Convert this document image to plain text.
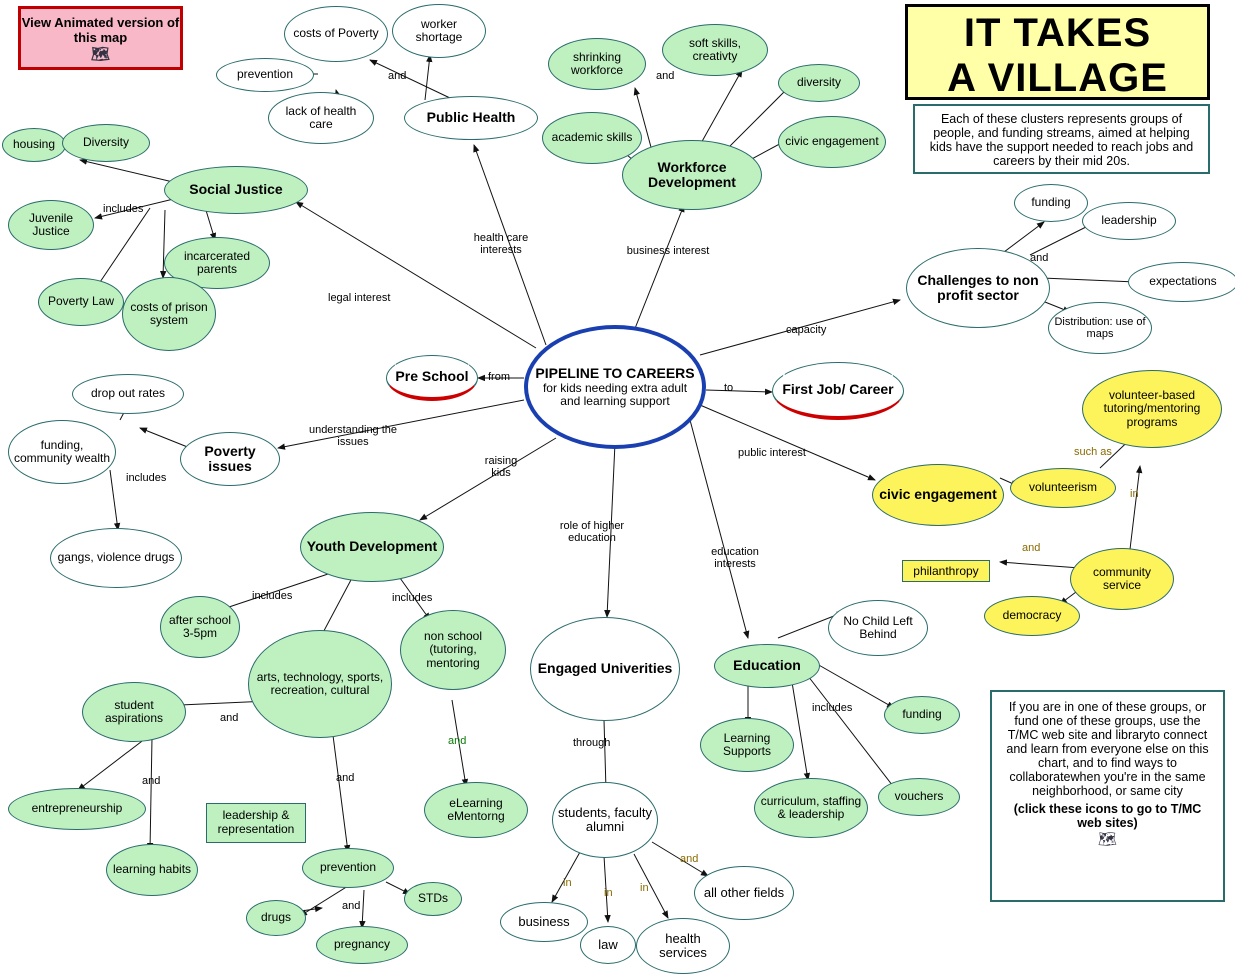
View Animated version of this map
🗺	IT TAKES
A VILLAGE
Each of these clusters represents groups of people, and funding streams, aimed at helping kids have the support needed to reach jobs and careers by their mid 20s.
If you are in one of these groups, or fund one of these groups, use the T/MC web site and libraryto connect and learn from everyone else on this chart, and to find ways to collaboratewhen you're in the same neighborhood, or same city
(click these icons to go to T/MC web sites)
🗺
PIPELINE TO CAREERS
for kids needing extra adult and learning support
Pre School
First Job/ Career
Public Health
costs of Poverty
worker shortage
prevention
lack of health care
Social Justice
housing	Diversity
Juvenile Justice
incarcerated parents
Poverty Law	costs of prison system
Workforce Development
shrinking workforce
soft skills, creativty
academic skills
diversity
civic engagement
Challenges to non profit sector
funding
leadership
expectations
Distribution: use of maps
Poverty issues
drop out rates
funding, community wealth
gangs, violence drugs
Youth Development
after school 3-5pm
arts, technology, sports, recreation, cultural
non school (tutoring, mentoring
student aspirations
entrepreneurship
learning habits
leadership & representation
prevention
drugs
pregnancy
STDs
eLearning eMentorng
Engaged Univerities
students, faculty alumni
business
law	health services
all other fields
Education
No Child Left Behind
Learning Supports
curriculum, staffing & leadership
funding
vouchers
civic engagement	volunteerism
volunteer-based tutoring/mentoring programs
community service
democracy
philanthropy
from
to
health care interests	business interest
legal interest
capacity
public interest
education interests
role of higher education
raising kids
understanding the issues
includes
includes
includes	includes
includes
and	and
and
and
and	and
and
and
and
and
such as
in
through
in
in in
